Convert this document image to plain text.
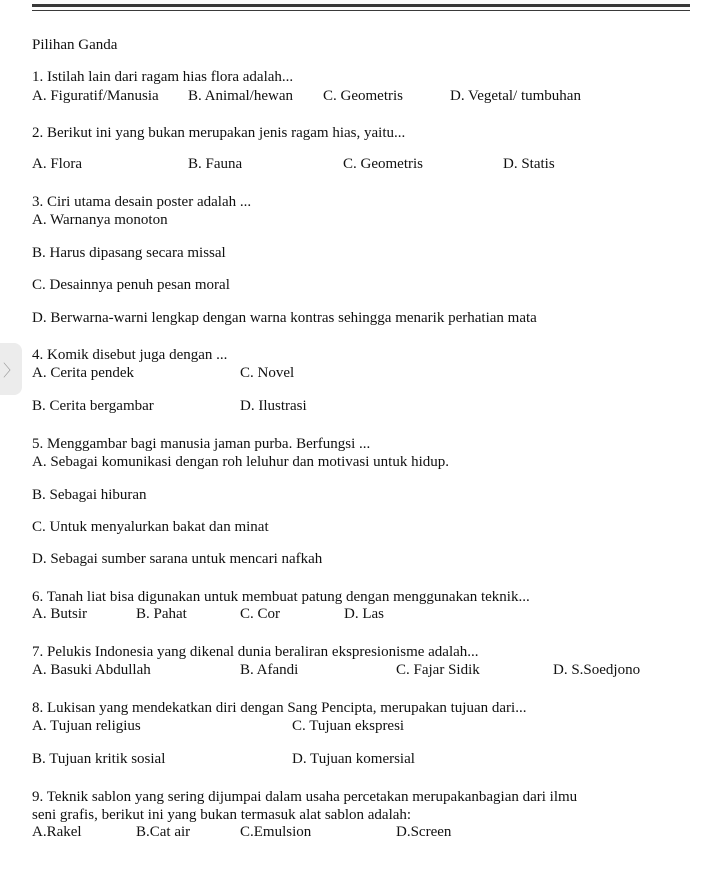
〉
Pilihan Ganda
1. Istilah lain dari ragam hias flora adalah...
A. Figuratif/Manusia B. Animal/hewan C. Geometris	D. Vegetal/ tumbuhan
2. Berikut ini yang bukan merupakan jenis ragam hias, yaitu...
A. Flora	B. Fauna	C. Geometris	D. Statis
3. Ciri utama desain poster adalah ...
A. Warnanya monoton
B. Harus dipasang secara missal
C. Desainnya penuh pesan moral
D. Berwarna-warni lengkap dengan warna kontras sehingga menarik perhatian mata
4. Komik disebut juga dengan ...
A. Cerita pendek	C. Novel
B. Cerita bergambar	D. Ilustrasi
5. Menggambar bagi manusia jaman purba. Berfungsi ...
A. Sebagai komunikasi dengan roh leluhur dan motivasi untuk hidup.
B. Sebagai hiburan
C. Untuk menyalurkan bakat dan minat
D. Sebagai sumber sarana untuk mencari nafkah
6. Tanah liat bisa digunakan untuk membuat patung dengan menggunakan teknik...
A. Butsir	B. Pahat	C. Cor	D. Las
7. Pelukis Indonesia yang dikenal dunia beraliran ekspresionisme adalah...
A. Basuki Abdullah	B. Afandi	C. Fajar Sidik	D. S.Soedjono
8. Lukisan yang mendekatkan diri dengan Sang Pencipta, merupakan tujuan dari...
A. Tujuan religius	C. Tujuan ekspresi
B. Tujuan kritik sosial	D. Tujuan komersial
9. Teknik sablon yang sering dijumpai dalam usaha percetakan merupakanbagian dari ilmu
seni grafis, berikut ini yang bukan termasuk alat sablon adalah:
A.Rakel	B.Cat air	C.Emulsion	D.Screen
